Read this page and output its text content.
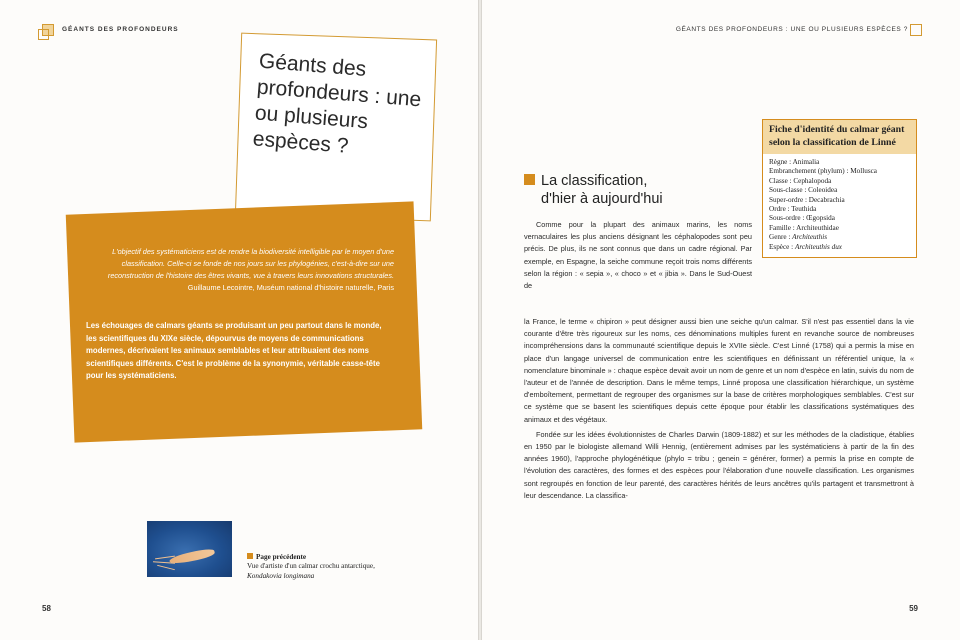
GÉANTS DES PROFONDEURS
Géants des profondeurs : une ou plusieurs espèces ?
L'objectif des systématiciens est de rendre la biodiversité intelligible par le moyen d'une classification. Celle-ci se fonde de nos jours sur les phylogénies, c'est-à-dire sur une reconstruction de l'histoire des êtres vivants, vue à travers leurs innovations structurales.
Guillaume Lecointre, Muséum national d'histoire naturelle, Paris
Les échouages de calmars géants se produisant un peu partout dans le monde, les scientifiques du XIXe siècle, dépourvus de moyens de communications modernes, décrivaient les animaux semblables et leur attribuaient des noms scientifiques différents. C'est le problème de la synonymie, véritable casse-tête pour les systématiciens.
Page précédente
Vue d'artiste d'un calmar crochu antarctique,
Kondakovia longimana
58
GÉANTS DES PROFONDEURS : UNE OU PLUSIEURS ESPÈCES ?
La classification,
d'hier à aujourd'hui

Comme pour la plupart des animaux marins, les noms vernaculaires les plus anciens désignant les céphalopodes sont peu précis. De plus, ils ne sont connus que dans un cadre régional. Par exemple, en Espagne, la seiche commune reçoit trois noms différents selon la région : « sepia », « choco » et « jibia ». Dans le Sud-Ouest de

la France, le terme « chipiron » peut désigner aussi bien une seiche qu'un calmar. S'il n'est pas essentiel dans la vie courante d'être très rigoureux sur les noms, ces dénominations multiples furent en revanche source de nombreuses incompréhensions dans la communauté scientifique depuis le XVIIe siècle. C'est Linné (1758) qui a permis la mise en place d'un langage universel de communication entre les scientifiques en définissant un référentiel unique, la « nomenclature binominale » : chaque espèce devait avoir un nom de genre et un nom d'espèce en latin, suivis du nom de l'auteur et de l'année de description. Dans le même temps, Linné proposa une classification hiérarchique, un système d'emboîtement, permettant de regrouper des organismes sur la base de critères morphologiques semblables. C'est sur ce système que se basent les scientifiques depuis cette époque pour établir les classifications systématiques des animaux et des végétaux.

Fondée sur les idées évolutionnistes de Charles Darwin (1809-1882) et sur les méthodes de la cladistique, établies en 1950 par le biologiste allemand Willi Hennig, (entièrement admises par les systématiciens à partir de la fin des années 1960), l'approche phylogénétique (phylo = tribu ; genein = générer, former) a permis la prise en compte de l'évolution des caractères, des formes et des espèces pour l'élaboration d'une nouvelle classification. Les organismes sont regroupés en fonction de leur parenté, des caractères hérités de leurs ancêtres qu'ils partagent et transmettront à leur descendance. La classifica-

Fiche d'identité du calmar géant selon la classification de Linné
Règne : Animalia
Embranchement (phylum) : Mollusca
Classe : Cephalopoda
Sous-classe : Coleoidea
Super-ordre : Decabrachia
Ordre : Teuthida
Sous-ordre : Œgopsida
Famille : Architeuthidae
Genre : Architeuthis
Espèce : Architeuthis dux
59
